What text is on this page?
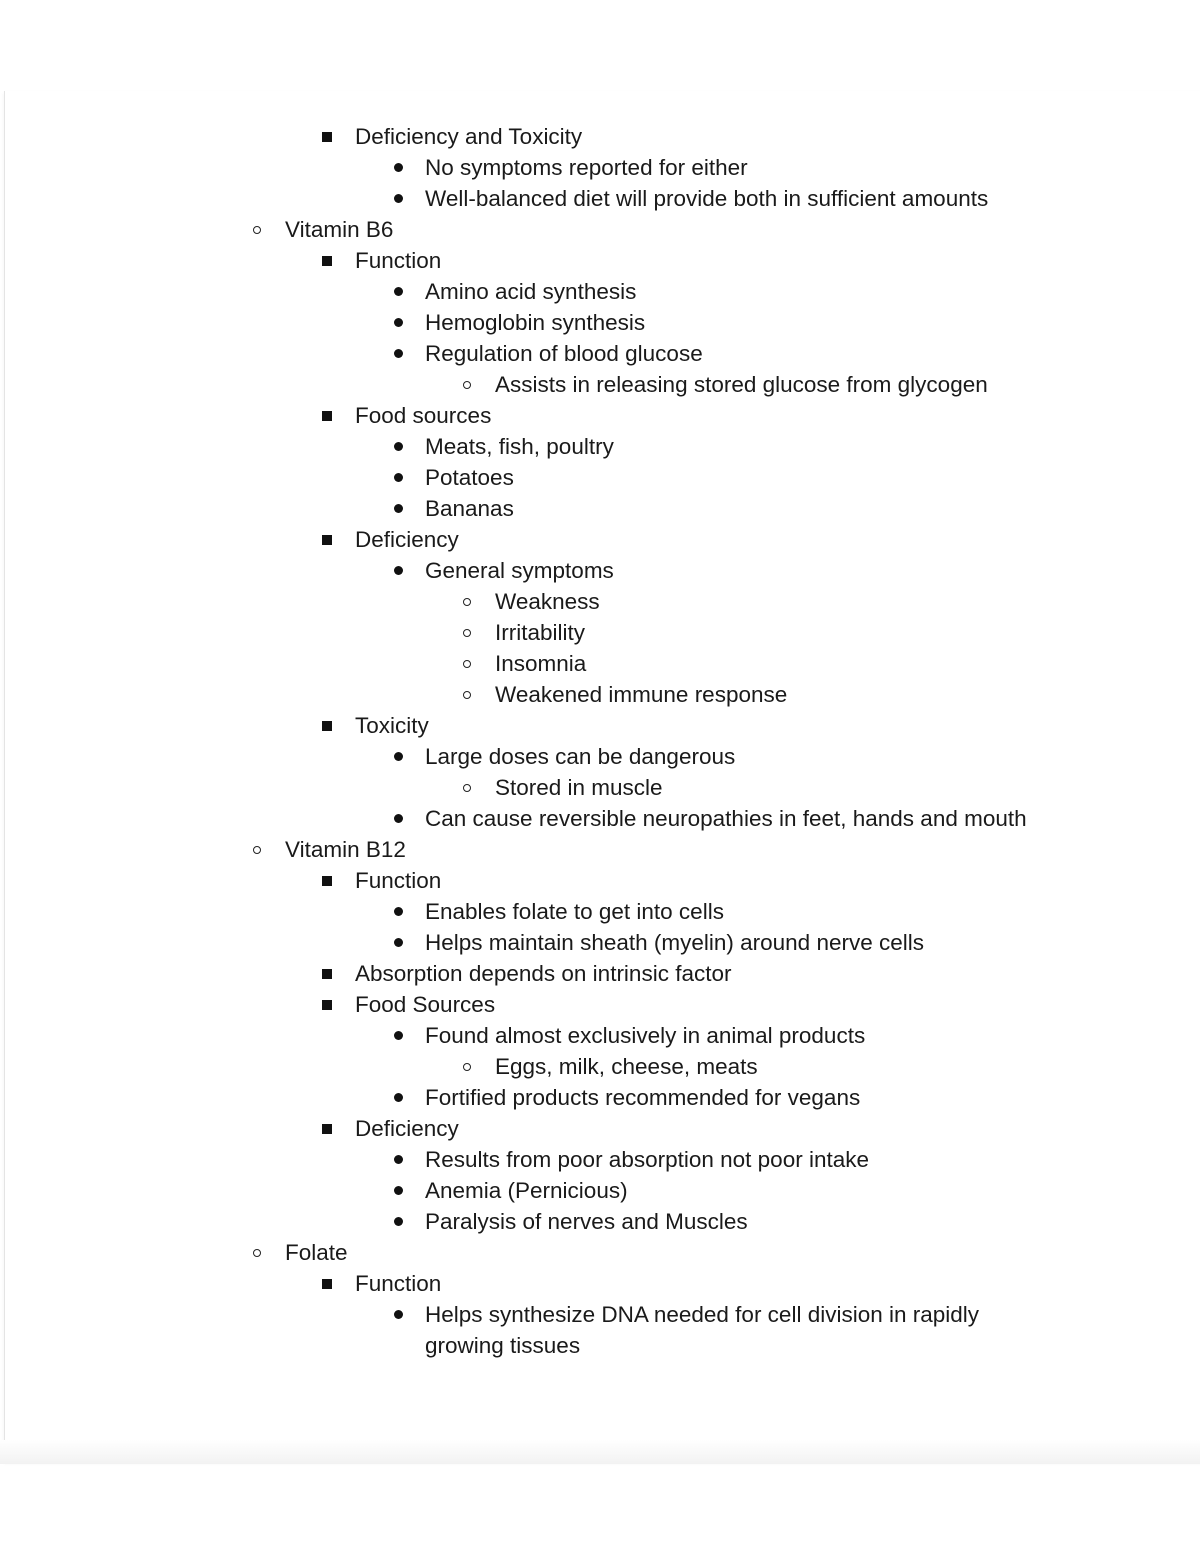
Deficiency and Toxicity
No symptoms reported for either
Well-balanced diet will provide both in sufficient amounts
Vitamin B6
Function
Amino acid synthesis
Hemoglobin synthesis
Regulation of blood glucose
Assists in releasing stored glucose from glycogen
Food sources
Meats, fish, poultry
Potatoes
Bananas
Deficiency
General symptoms
Weakness
Irritability
Insomnia
Weakened immune response
Toxicity
Large doses can be dangerous
Stored in muscle
Can cause reversible neuropathies in feet, hands and mouth
Vitamin B12
Function
Enables folate to get into cells
Helps maintain sheath (myelin) around nerve cells
Absorption depends on intrinsic factor
Food Sources
Found almost exclusively in animal products
Eggs, milk, cheese, meats
Fortified products recommended for vegans
Deficiency
Results from poor absorption not poor intake
Anemia (Pernicious)
Paralysis of nerves and Muscles
Folate
Function
Helps synthesize DNA needed for cell division in rapidly growing tissues
